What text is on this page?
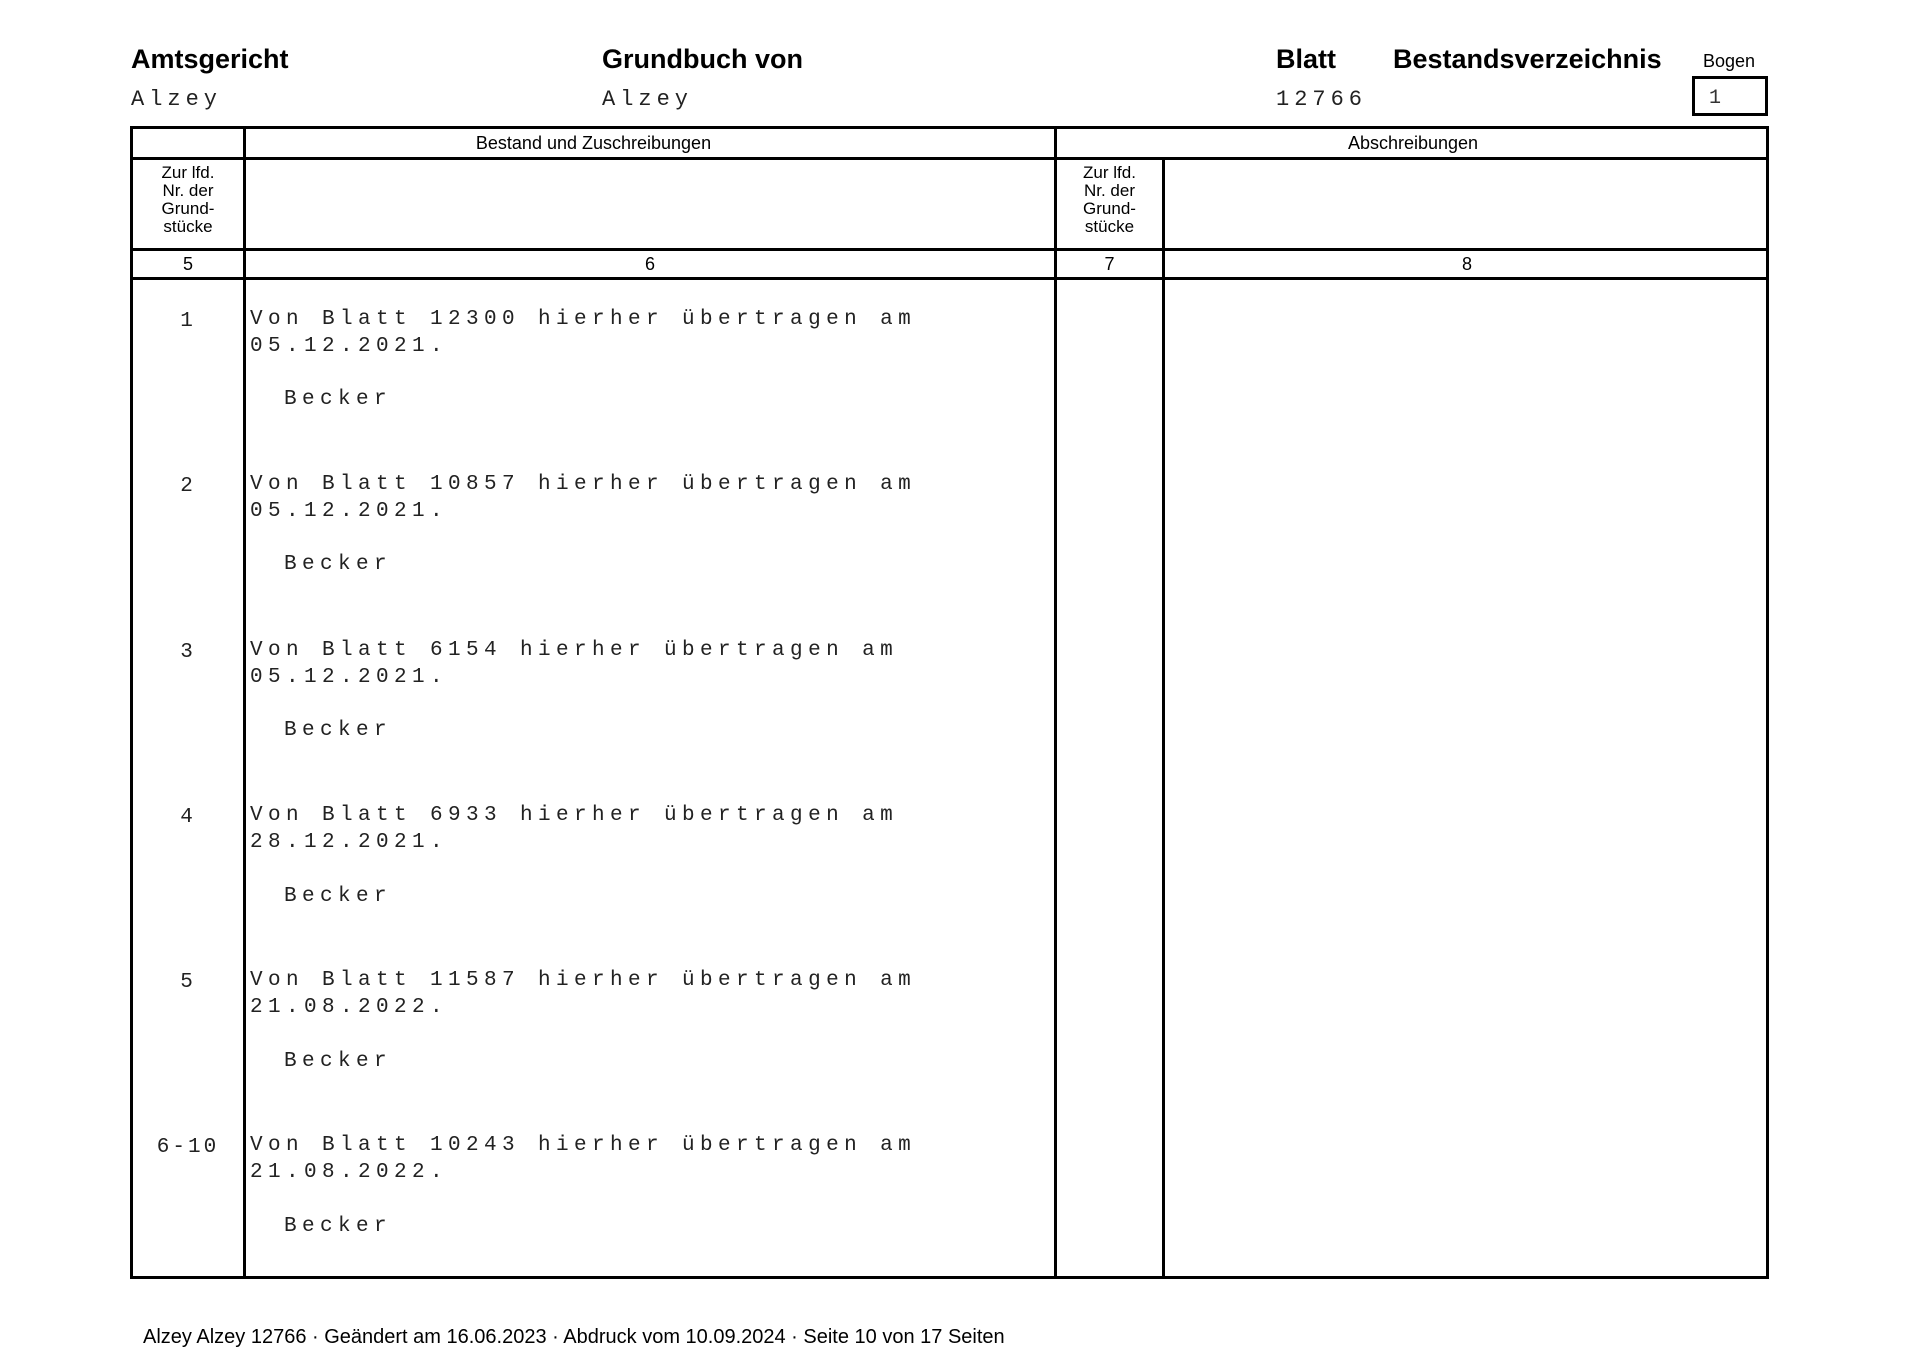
Amtsgericht
Alzey
Grundbuch von
Alzey
Blatt
12766
Bestandsverzeichnis Bogen
1
Bestand und Zuschreibungen	Abschreibungen
Zur lfd.
Nr. der
Grund-
stücke
Zur lfd.
Nr. der
Grund-
stücke
5	6	7	8
1	Von Blatt 12300 hierher übertragen am
05.12.2021.
Becker
2	Von Blatt 10857 hierher übertragen am
05.12.2021.
Becker
3	Von Blatt 6154 hierher übertragen am
05.12.2021.
Becker
4	Von Blatt 6933 hierher übertragen am
28.12.2021.
Becker
5	Von Blatt 11587 hierher übertragen am
21.08.2022.
Becker
6-10	Von Blatt 10243 hierher übertragen am
21.08.2022.
Becker
Alzey Alzey 12766 · Geändert am 16.06.2023 · Abdruck vom 10.09.2024 · Seite 10 von 17 Seiten
